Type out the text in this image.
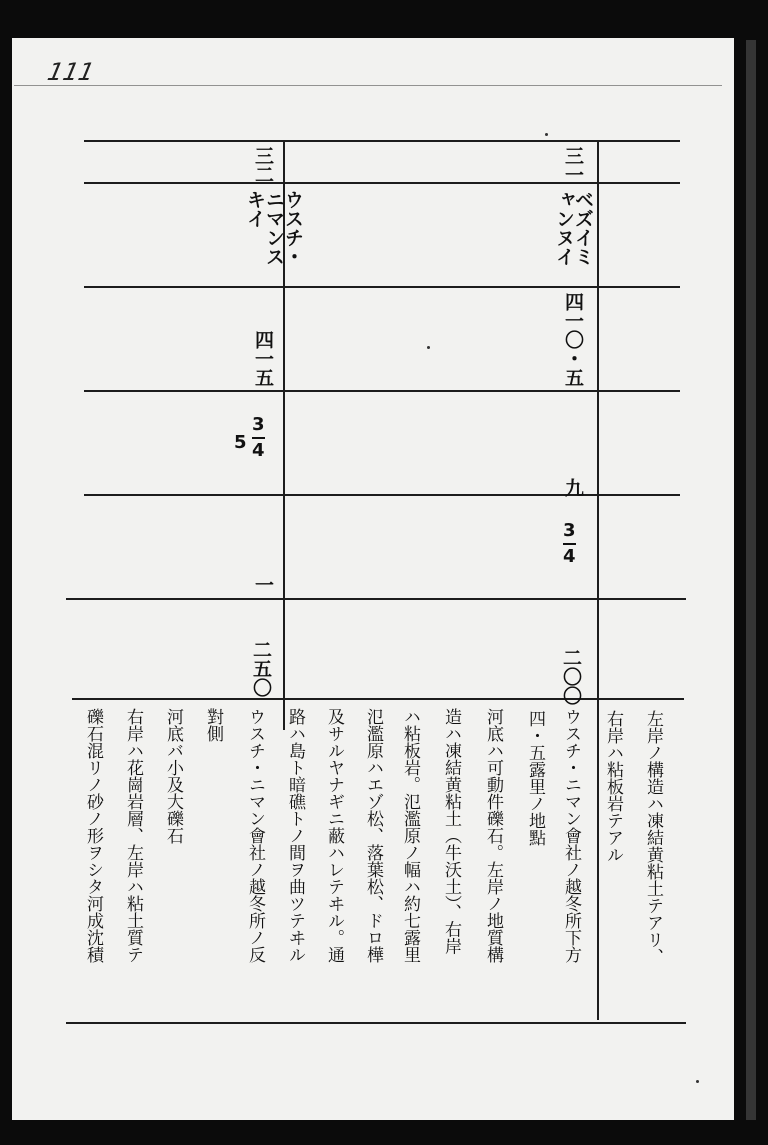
111
三一
ベズイミャンヌイ
四一〇・五
九
3
4
二〇〇
三二
ウスチ・ニマンスキイ
四一五
5
3
4
一
二五〇
左岸ノ構造ハ凍結黄粘土テアリ、
右岸ハ粘板岩テアル
ウスチ・ニマン會社ノ越冬所下方
四・五露里ノ地點
河底ハ可動件礫石。左岸ノ地質構
造ハ凍結黄粘土（牛沃土）、右岸
ハ粘板岩。氾濫原ノ幅ハ約七露里
氾濫原ハエゾ松、落葉松、ドロ樺
及サルヤナギニ蔽ハレテヰル。通
路ハ島ト暗礁トノ間ヲ曲ツテヰル
ウスチ・ニマン會社ノ越冬所ノ反
對側
河底バ小及大礫石
右岸ハ花崗岩層、左岸ハ粘土質テ
礫石混リノ砂ノ形ヲシタ河成沈積
